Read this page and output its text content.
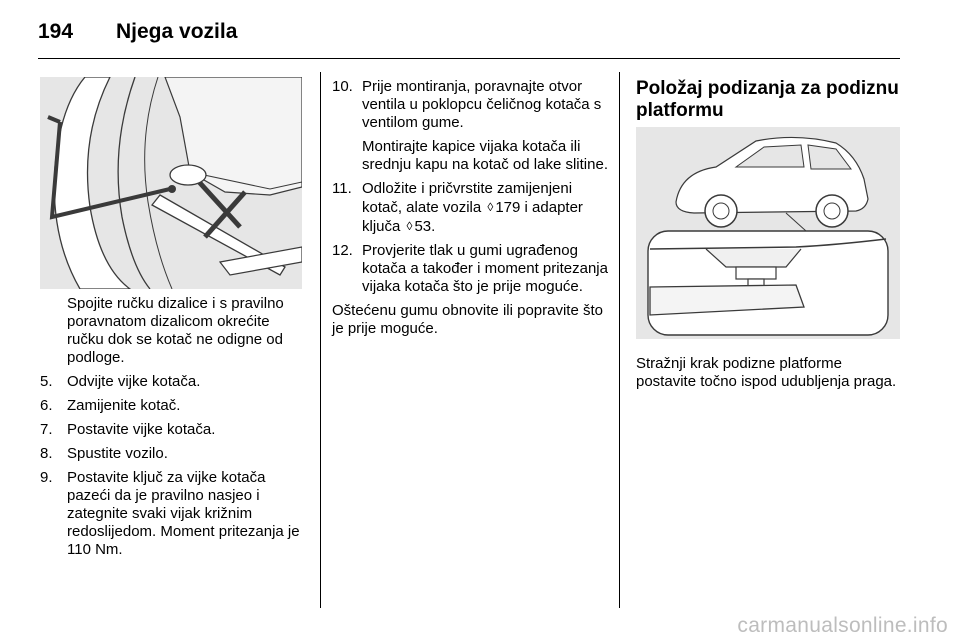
194 Njega vozila

Spojite ručku dizalice i s pravilno poravnatom dizalicom okrećite ručku dok se kotač ne odigne od podloge.

5. Odvijte vijke kotača.
6. Zamijenite kotač.
7. Postavite vijke kotača.
8. Spustite vozilo.
9. Postavite ključ za vijke kotača pazeći da je pravilno nasjeo i zategnite svaki vijak križnim redoslijedom. Moment pritezanja je 110 Nm.
10. Prije montiranja, poravnajte otvor ventila u poklopcu čeličnog kotača s ventilom gume.
Montirajte kapice vijaka kotača ili srednju kapu na kotač od lake slitine.
11. Odložite i pričvrstite zamijenjeni kotač, alate vozila ◊ 179 i adapter ključa ◊ 53.
12. Provjerite tlak u gumi ugrađenog kotača a također i moment pritezanja vijaka kotača što je prije moguće.

Oštećenu gumu obnovite ili popravite što je prije moguće.

Položaj podizanja za podiznu platformu

Stražnji krak podizne platforme postavite točno ispod udubljenja praga.

carmanualsonline.info
